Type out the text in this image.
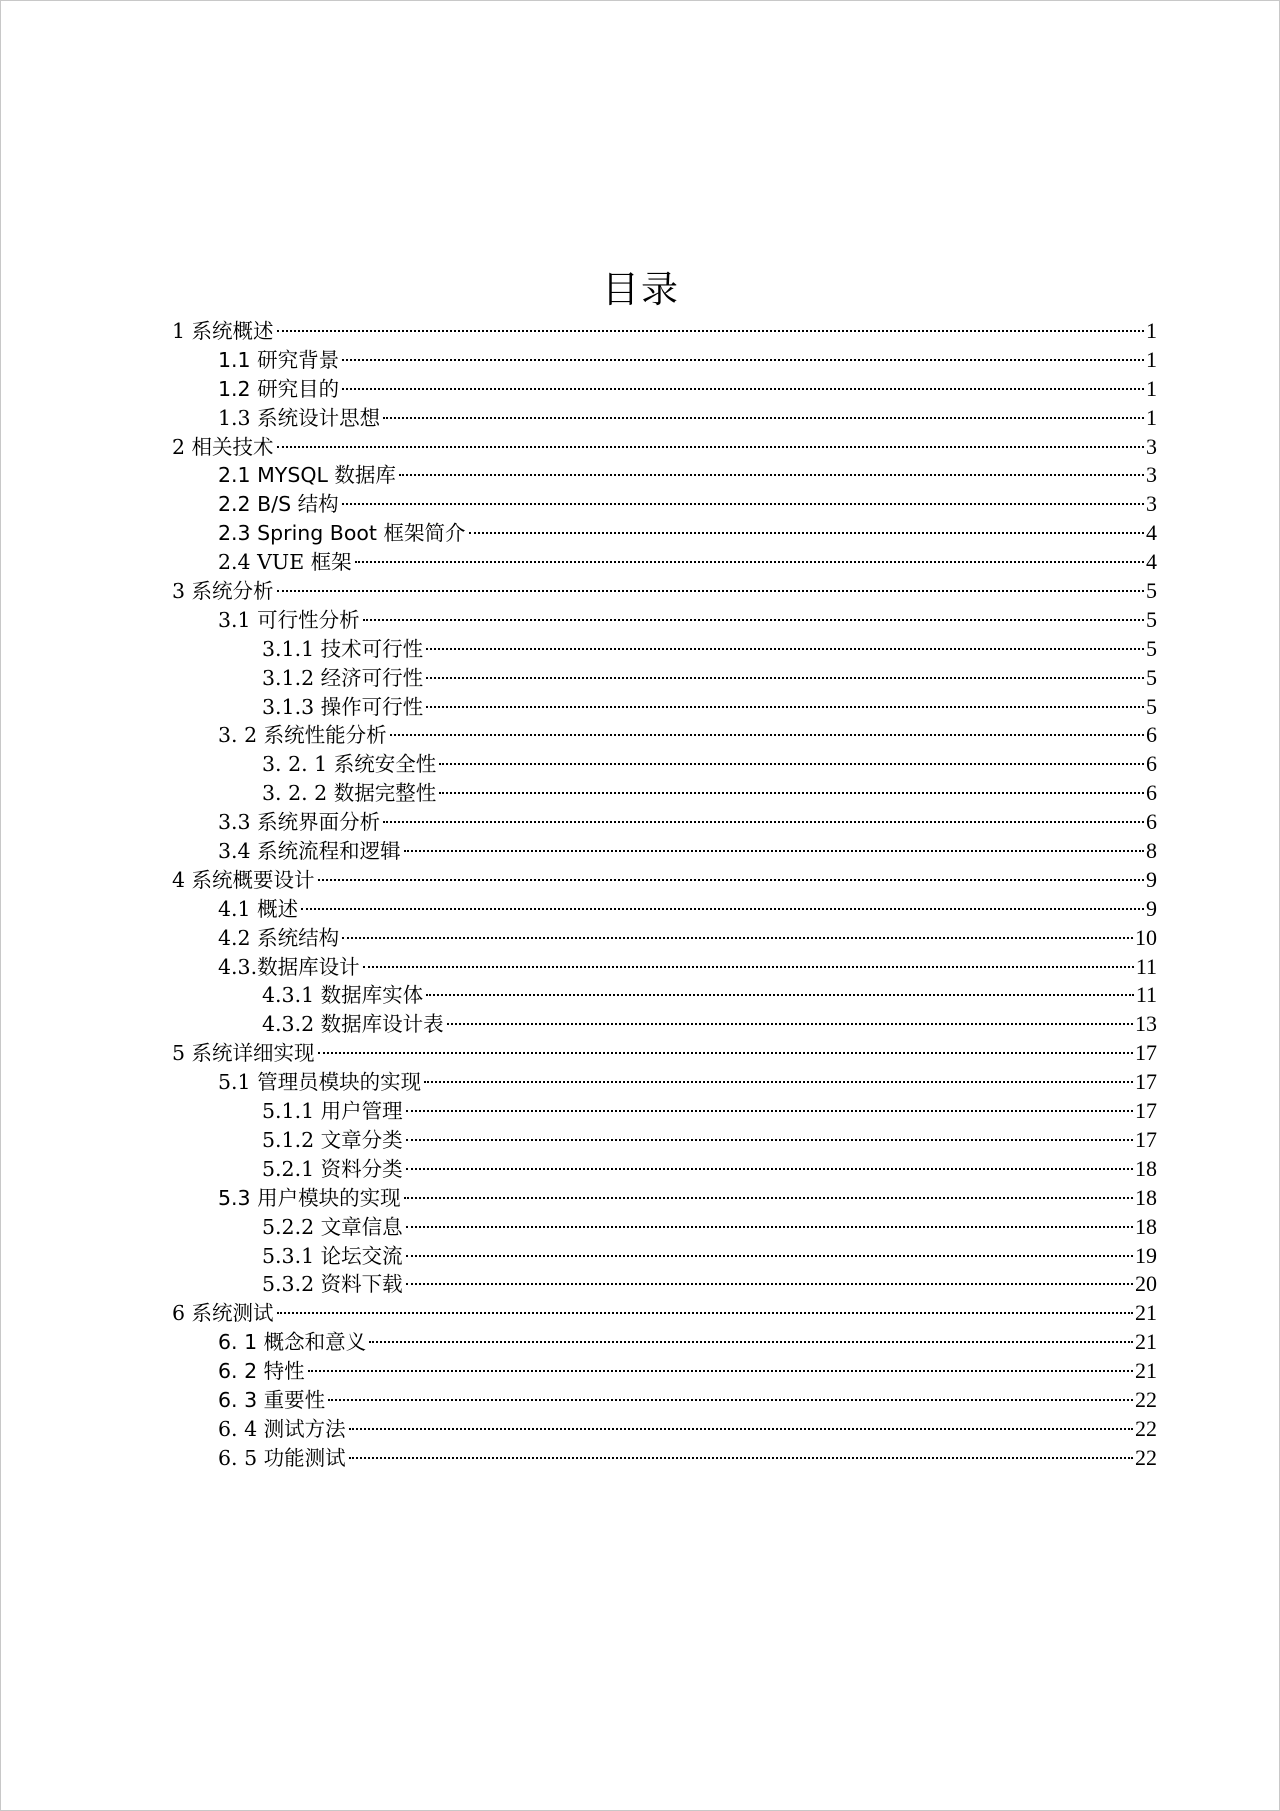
目录
1 系统概述	1
1.1 研究背景	1
1.2 研究目的	1
1.3 系统设计思想	1
2 相关技术	3
2.1 MYSQL 数据库	3
2.2 B/S 结构	3
2.3 Spring Boot 框架简介	4
2.4 VUE 框架	4
3 系统分析	5
3.1 可行性分析	5
3.1.1 技术可行性	5
3.1.2 经济可行性	5
3.1.3 操作可行性	5
3. 2 系统性能分析	6
3. 2. 1 系统安全性	6
3. 2. 2 数据完整性	6
3.3 系统界面分析	6
3.4 系统流程和逻辑	8
4 系统概要设计	9
4.1 概述	9
4.2 系统结构	10
4.3.数据库设计	11
4.3.1 数据库实体	11
4.3.2 数据库设计表	13
5 系统详细实现	17
5.1 管理员模块的实现	17
5.1.1 用户管理	17
5.1.2 文章分类	17
5.2.1 资料分类	18
5.3 用户模块的实现	18
5.2.2 文章信息	18
5.3.1 论坛交流	19
5.3.2 资料下载	20
6 系统测试	21
6. 1 概念和意义	21
6. 2 特性	21
6. 3 重要性	22
6. 4 测试方法	22
6. 5 功能测试	22
